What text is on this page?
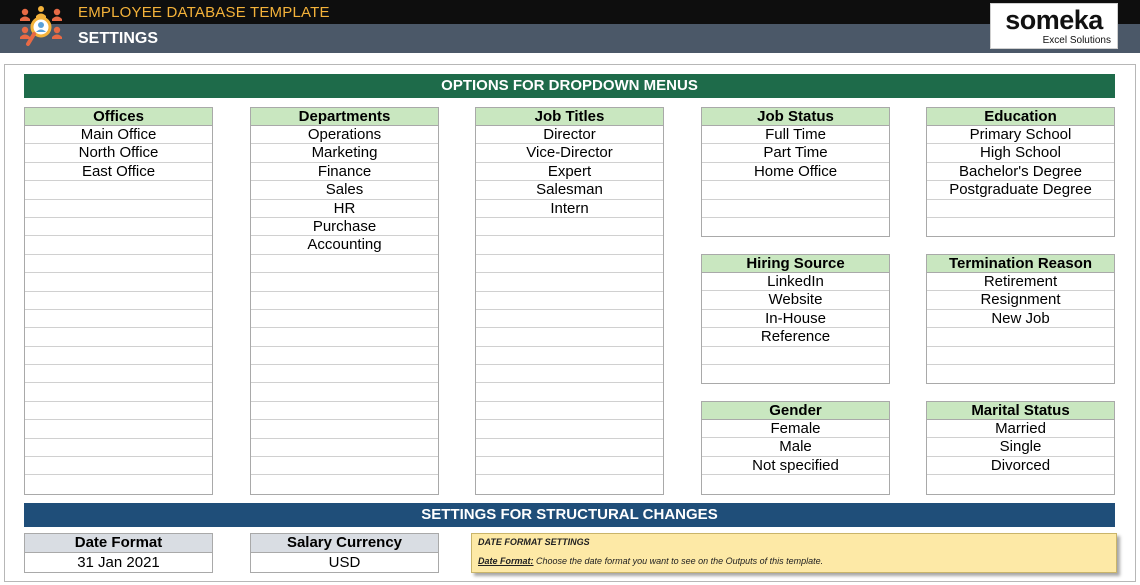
EMPLOYEE DATABASE TEMPLATE
SETTINGS
someka
Excel Solutions
OPTIONS FOR DROPDOWN MENUS
Offices
Main Office
North Office
East Office
Departments
Operations
Marketing
Finance
Sales
HR
Purchase
Accounting
Job Titles
Director
Vice-Director
Expert
Salesman
Intern
Job Status
Full Time
Part Time
Home Office
Education
Primary School
High School
Bachelor's Degree
Postgraduate Degree
Hiring Source
LinkedIn
Website
In-House
Reference
Termination Reason
Retirement
Resignment
New Job
Gender
Female
Male
Not specified
Marital Status
Married
Single
Divorced
SETTINGS FOR STRUCTURAL CHANGES
Date Format
31 Jan 2021
Salary Currency
USD
DATE FORMAT SETTINGS
Date Format: Choose the date format you want to see on the Outputs of this template.
